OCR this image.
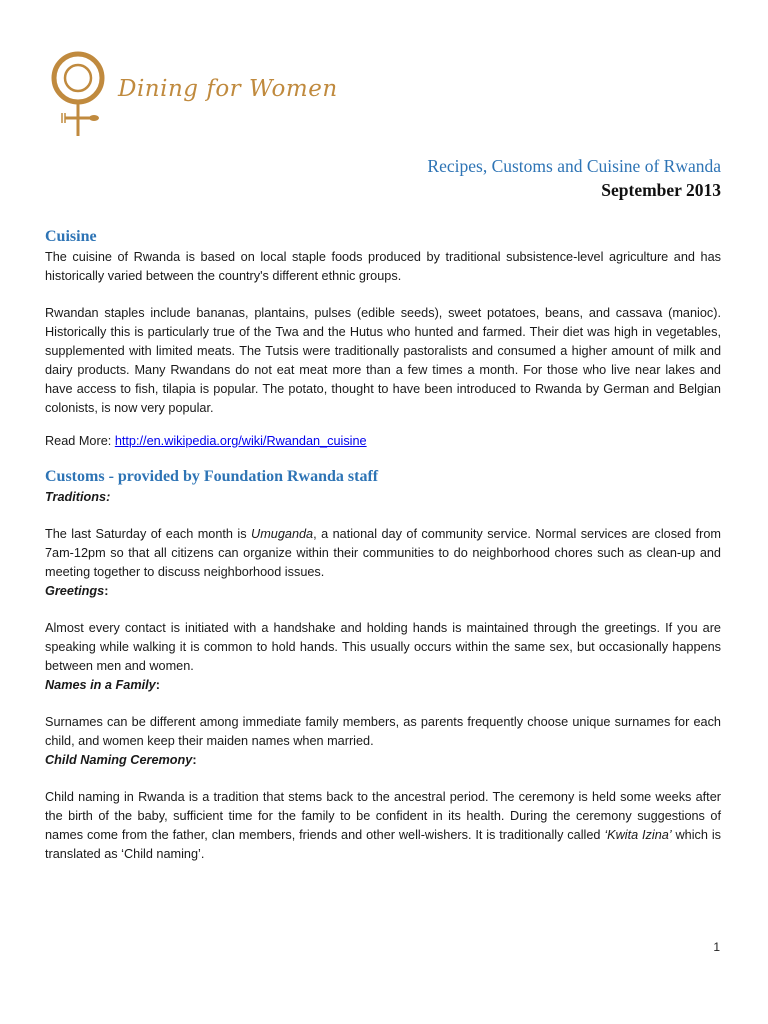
Dining for Women
Recipes, Customs and Cuisine of Rwanda
September 2013
Cuisine

The cuisine of Rwanda is based on local staple foods produced by traditional subsistence-level agriculture and has historically varied between the country's different ethnic groups.

Rwandan staples include bananas, plantains, pulses (edible seeds), sweet potatoes, beans, and cassava (manioc). Historically this is particularly true of the Twa and the Hutus who hunted and farmed. Their diet was high in vegetables, supplemented with limited meats. The Tutsis were traditionally pastoralists and consumed a higher amount of milk and dairy products. Many Rwandans do not eat meat more than a few times a month. For those who live near lakes and have access to fish, tilapia is popular. The potato, thought to have been introduced to Rwanda by German and Belgian colonists, is now very popular.

Read More: http://en.wikipedia.org/wiki/Rwandan_cuisine

Customs - provided by Foundation Rwanda staff
Traditions:

The last Saturday of each month is Umuganda, a national day of community service. Normal services are closed from 7am-12pm so that all citizens can organize within their communities to do neighborhood chores such as clean-up and meeting together to discuss neighborhood issues.

Greetings:

Almost every contact is initiated with a handshake and holding hands is maintained through the greetings. If you are speaking while walking it is common to hold hands. This usually occurs within the same sex, but occasionally happens between men and women.

Names in a Family:

Surnames can be different among immediate family members, as parents frequently choose unique surnames for each child, and women keep their maiden names when married.

Child Naming Ceremony:

Child naming in Rwanda is a tradition that stems back to the ancestral period. The ceremony is held some weeks after the birth of the baby, sufficient time for the family to be confident in its health. During the ceremony suggestions of names come from the father, clan members, friends and other well-wishers. It is traditionally called ‘Kwita Izina’ which is translated as ‘Child naming’.

1
